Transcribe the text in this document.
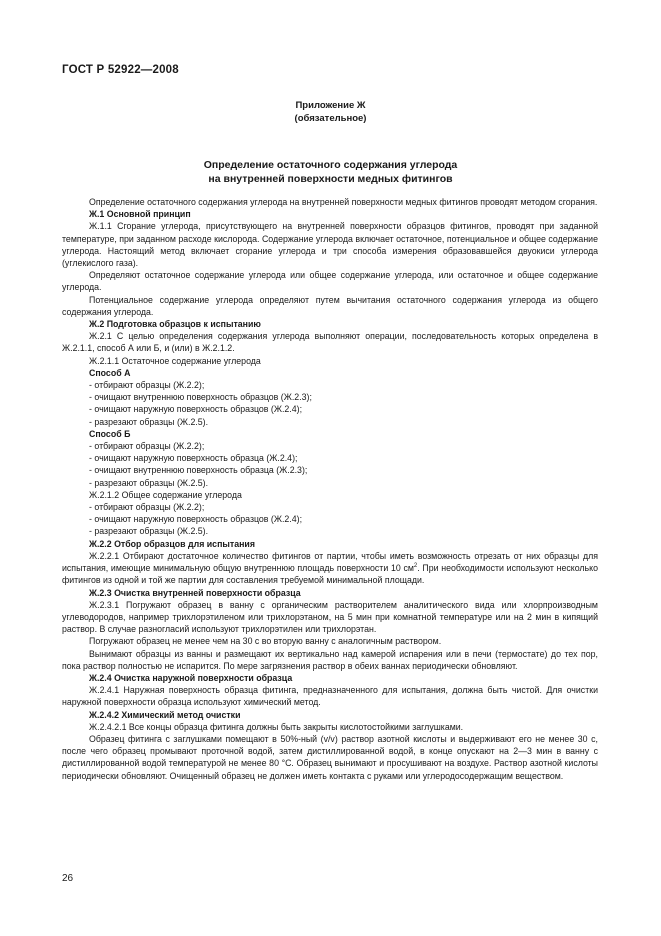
ГОСТ Р 52922—2008
Приложение Ж
(обязательное)
Определение остаточного содержания углерода
на внутренней поверхности медных фитингов

Определение остаточного содержания углерода на внутренней поверхности медных фитингов проводят методом сгорания.

Ж.1 Основной принцип

Ж.1.1 Сгорание углерода, присутствующего на внутренней поверхности образцов фитингов, проводят при заданной температуре, при заданном расходе кислорода. Содержание углерода включает остаточное, потенциальное и общее содержание углерода. Настоящий метод включает сгорание углерода и три способа измерения образовавшейся двуокиси углерода (углекислого газа).

Определяют остаточное содержание углерода или общее содержание углерода, или остаточное и общее содержание углерода.

Потенциальное содержание углерода определяют путем вычитания остаточного содержания углерода из общего содержания углерода.

Ж.2 Подготовка образцов к испытанию

Ж.2.1 С целью определения содержания углерода выполняют операции, последовательность которых определена в Ж.2.1.1, способ А или Б, и (или) в Ж.2.1.2.

Ж.2.1.1 Остаточное содержание углерода

Способ А

- отбирают образцы (Ж.2.2);

- очищают внутреннюю поверхность образцов (Ж.2.3);

- очищают наружную поверхность образцов (Ж.2.4);

- разрезают образцы (Ж.2.5).

Способ Б

- отбирают образцы (Ж.2.2);

- очищают наружную поверхность образца (Ж.2.4);

- очищают внутреннюю поверхность образца (Ж.2.3);

- разрезают образцы (Ж.2.5).

Ж.2.1.2 Общее содержание углерода

- отбирают образцы (Ж.2.2);

- очищают наружную поверхность образцов (Ж.2.4);

- разрезают образцы (Ж.2.5).

Ж.2.2 Отбор образцов для испытания

Ж.2.2.1 Отбирают достаточное количество фитингов от партии, чтобы иметь возможность отрезать от них образцы для испытания, имеющие минимальную общую внутреннюю площадь поверхности 10 $см^2$. При необходимости используют несколько фитингов из одной и той же партии для составления требуемой минимальной площади.

Ж.2.3 Очистка внутренней поверхности образца

Ж.2.3.1 Погружают образец в ванну с органическим растворителем аналитического вида или хлорпроизводным углеводородов, например трихлорэтиленом или трихлорэтаном, на 5 мин при комнатной температуре или на 2 мин в кипящий раствор. В случае разногласий используют трихлорэтилен или трихлорэтан.

Погружают образец не менее чем на 30 с во вторую ванну с аналогичным раствором.

Вынимают образцы из ванны и размещают их вертикально над камерой испарения или в печи (термостате) до тех пор, пока раствор полностью не испарится. По мере загрязнения раствор в обеих ваннах периодически обновляют.

Ж.2.4 Очистка наружной поверхности образца

Ж.2.4.1 Наружная поверхность образца фитинга, предназначенного для испытания, должна быть чистой. Для очистки наружной поверхности образца используют химический метод.

Ж.2.4.2 Химический метод очистки

Ж.2.4.2.1 Все концы образца фитинга должны быть закрыты кислотостойкими заглушками.

Образец фитинга с заглушками помещают в 50%-ный (v/v) раствор азотной кислоты и выдерживают его не менее 30 с, после чего образец промывают проточной водой, затем дистиллированной водой, в конце опускают на 2—3 мин в ванну с дистиллированной водой температурой не менее 80 °С. Образец вынимают и просушивают на воздухе. Раствор азотной кислоты периодически обновляют. Очищенный образец не должен иметь контакта с руками или углеродосодержащим веществом.

26
